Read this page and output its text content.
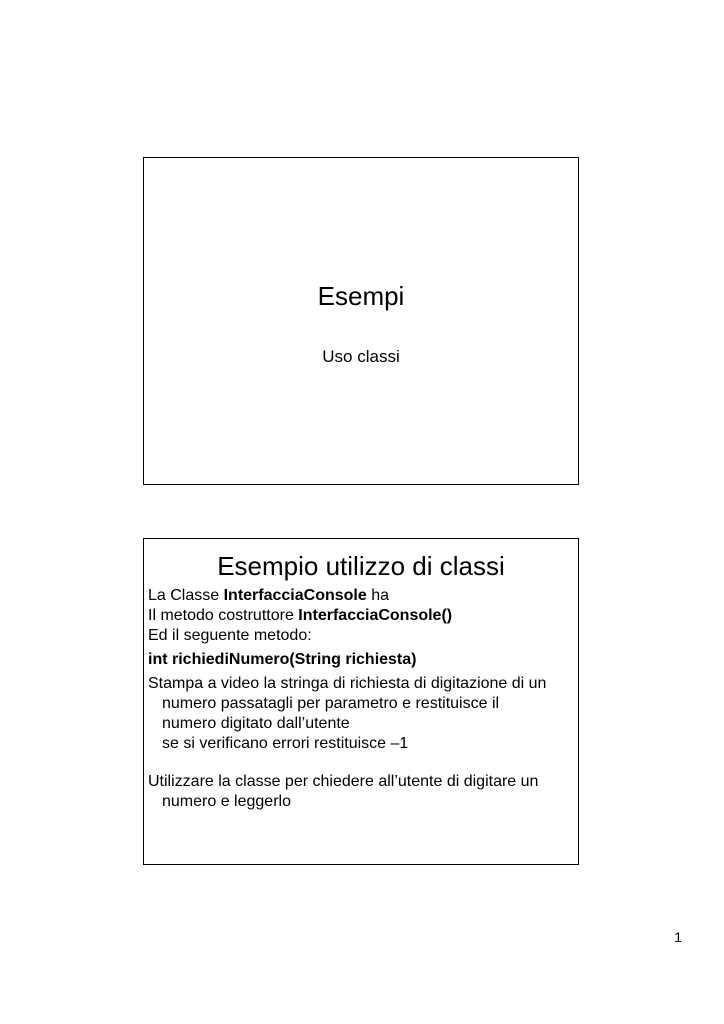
Esempi
Uso classi
Esempio utilizzo di classi
La Classe InterfacciaConsole ha
Il metodo costruttore InterfacciaConsole()
Ed il seguente metodo:
int richiediNumero(String richiesta)
Stampa a video la stringa di richiesta di digitazione di un
numero passatagli per parametro e restituisce il
numero digitato dall’utente
se si verificano errori restituisce –1
Utilizzare la classe per chiedere all’utente di digitare un
numero e leggerlo
1
